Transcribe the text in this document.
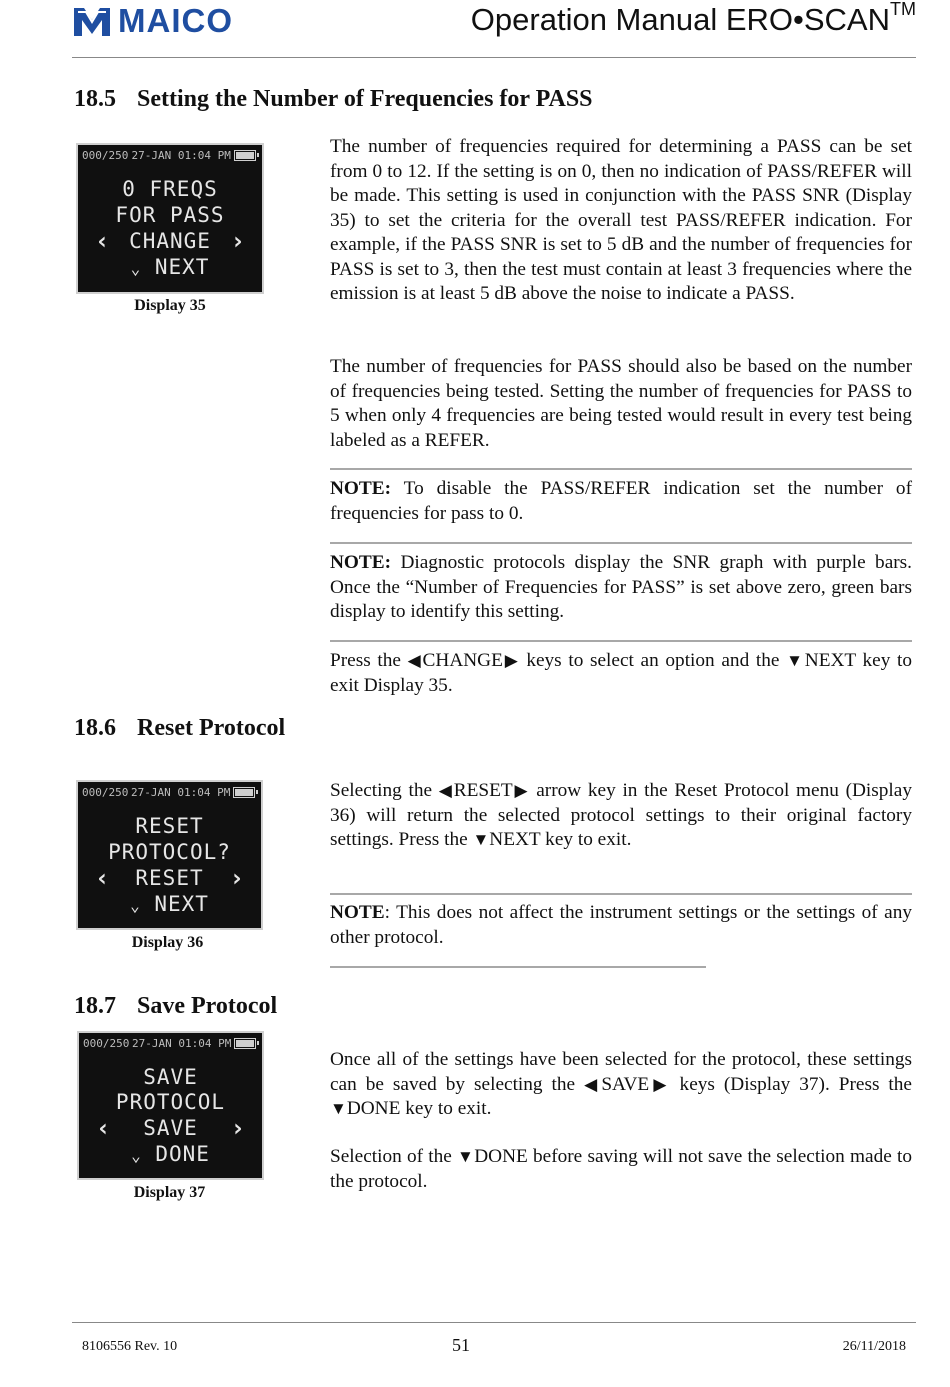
MAICO	Operation Manual ERO•SCAN™
18.5 Setting the Number of Frequencies for PASS
000/250 27-JAN 01:04 PM
0 FREQS
FOR PASS
‹ CHANGE ›
⌄ NEXT
Display 35
The number of frequencies required for determining a PASS can be set from 0 to 12. If the setting is on 0, then no indication of PASS/REFER will be made. This setting is used in conjunction with the PASS SNR (Display 35) to set the criteria for the overall test PASS/REFER indication. For example, if the PASS SNR is set to 5 dB and the number of frequencies for PASS is set to 3, then the test must contain at least 3 frequencies where the emission is at least 5 dB above the noise to indicate a PASS.
The number of frequencies for PASS should also be based on the number of frequencies being tested. Setting the number of frequencies for PASS to 5 when only 4 frequencies are being tested would result in every test being labeled as a REFER.
NOTE: To disable the PASS/REFER indication set the number of frequencies for pass to 0.
NOTE: Diagnostic protocols display the SNR graph with purple bars. Once the “Number of Frequencies for PASS” is set above zero, green bars display to identify this setting.
Press the ◀CHANGE▶ keys to select an option and the ▼NEXT key to exit Display 35.
18.6 Reset Protocol
000/250 27-JAN 01:04 PM
RESET
PROTOCOL?
‹	RESET	›
⌄ NEXT
Display 36
Selecting the ◀RESET▶ arrow key in the Reset Protocol menu (Display 36) will return the selected protocol settings to their original factory settings. Press the ▼NEXT key to exit.
NOTE: This does not affect the instrument settings or the settings of any other protocol.
18.7 Save Protocol
000/250 27-JAN 01:04 PM
SAVE
PROTOCOL
‹	SAVE	›
⌄ DONE
Display 37
Once all of the settings have been selected for the protocol, these settings can be saved by selecting the ◀SAVE▶ keys (Display 37). Press the ▼DONE key to exit.
Selection of the ▼DONE before saving will not save the selection made to the protocol.
8106556 Rev. 10	51	26/11/2018
